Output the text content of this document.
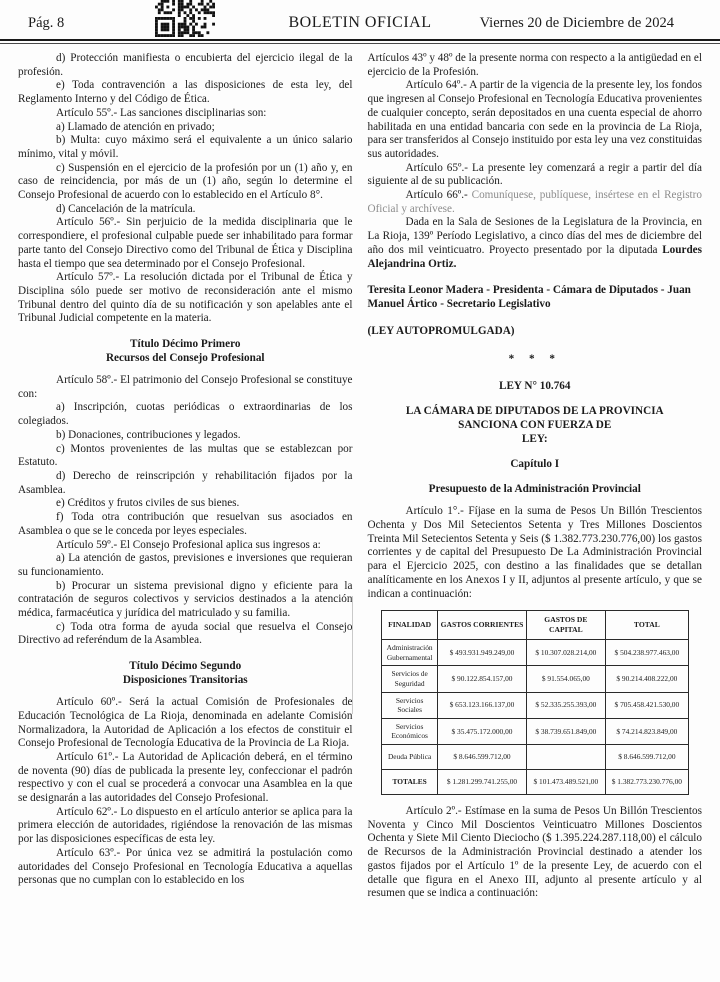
Pág. 8	BOLETIN OFICIAL	Viernes 20 de Diciembre de 2024

d) Protección manifiesta o encubierta del ejercicio ilegal de la profesión.

e) Toda contravención a las disposiciones de esta ley, del Reglamento Interno y del Código de Ética.

Artículo 55º.- Las sanciones disciplinarias son:

a) Llamado de atención en privado;

b) Multa: cuyo máximo será el equivalente a un único salario mínimo, vital y móvil.

c) Suspensión en el ejercicio de la profesión por un (1) año y, en caso de reincidencia, por más de un (1) año, según lo determine el Consejo Profesional de acuerdo con lo establecido en el Artículo 8°.

d) Cancelación de la matrícula.

Artículo 56º.- Sin perjuicio de la medida disciplinaria que le correspondiere, el profesional culpable puede ser inhabilitado para formar parte tanto del Consejo Directivo como del Tribunal de Ética y Disciplina hasta el tiempo que sea determinado por el Consejo Profesional.

Artículo 57º.- La resolución dictada por el Tribunal de Ética y Disciplina sólo puede ser motivo de reconsideración ante el mismo Tribunal dentro del quinto día de su notificación y son apelables ante el Tribunal Judicial competente en la materia.

Título Décimo Primero
Recursos del Consejo Profesional

Artículo 58º.- El patrimonio del Consejo Profesional se constituye con:

a) Inscripción, cuotas periódicas o extraordinarias de los colegiados.

b) Donaciones, contribuciones y legados.

c) Montos provenientes de las multas que se establezcan por Estatuto.

d) Derecho de reinscripción y rehabilitación fijados por la Asamblea.

e) Créditos y frutos civiles de sus bienes.

f) Toda otra contribución que resuelvan sus asociados en Asamblea o que se le conceda por leyes especiales.

Artículo 59º.- El Consejo Profesional aplica sus ingresos a:

a) La atención de gastos, previsiones e inversiones que requieran su funcionamiento.

b) Procurar un sistema previsional digno y eficiente para la contratación de seguros colectivos y servicios destinados a la atención médica, farmacéutica y jurídica del matriculado y su familia.

c) Toda otra forma de ayuda social que resuelva el Consejo Directivo ad referéndum de la Asamblea.

Título Décimo Segundo
Disposiciones Transitorias

Artículo 60º.- Será la actual Comisión de Profesionales de Educación Tecnológica de La Rioja, denominada en adelante Comisión Normalizadora, la Autoridad de Aplicación a los efectos de constituir el Consejo Profesional de Tecnología Educativa de la Provincia de La Rioja.

Artículo 61º.- La Autoridad de Aplicación deberá, en el término de noventa (90) días de publicada la presente ley, confeccionar el padrón respectivo y con el cual se procederá a convocar una Asamblea en la que se designarán a las autoridades del Consejo Profesional.

Artículo 62º.- Lo dispuesto en el artículo anterior se aplica para la primera elección de autoridades, rigiéndose la renovación de las mismas por las disposiciones específicas de esta ley.

Artículo 63º.- Por única vez se admitirá la postulación como autoridades del Consejo Profesional en Tecnología Educativa a aquellas personas que no cumplan con lo establecido en los

Artículos 43º y 48º de la presente norma con respecto a la antigüedad en el ejercicio de la Profesión.

Artículo 64º.- A partir de la vigencia de la presente ley, los fondos que ingresen al Consejo Profesional en Tecnología Educativa provenientes de cualquier concepto, serán depositados en una cuenta especial de ahorro habilitada en una entidad bancaria con sede en la provincia de La Rioja, para ser transferidos al Consejo instituido por esta ley una vez constituidas sus autoridades.

Artículo 65º.- La presente ley comenzará a regir a partir del día siguiente al de su publicación.

Artículo 66º.- Comuníquese, publíquese, insértese en el Registro Oficial y archívese.

Dada en la Sala de Sesiones de la Legislatura de la Provincia, en La Rioja, 139º Período Legislativo, a cinco días del mes de diciembre del año dos mil veinticuatro. Proyecto presentado por la diputada Lourdes Alejandrina Ortiz.

Teresita Leonor Madera - Presidenta - Cámara de Diputados - Juan Manuel Ártico - Secretario Legislativo

(LEY AUTOPROMULGADA)

* * *
LEY N° 10.764
LA CÁMARA DE DIPUTADOS DE LA PROVINCIA
SANCIONA CON FUERZA DE
LEY:
Capítulo I
Presupuesto de la Administración Provincial

Artículo 1°.- Fíjase en la suma de Pesos Un Billón Trescientos Ochenta y Dos Mil Setecientos Setenta y Tres Millones Doscientos Treinta Mil Setecientos Setenta y Seis ($ 1.382.773.230.776,00) los gastos corrientes y de capital del Presupuesto De La Administración Provincial para el Ejercicio 2025, con destino a las finalidades que se detallan analíticamente en los Anexos I y II, adjuntos al presente artículo, y que se indican a continuación:

FINALIDAD	GASTOS CORRIENTES	GASTOS DE CAPITAL	TOTAL
Administración Gubernamental	$ 493.931.949.249,00	$ 10.307.028.214,00	$ 504.238.977.463,00
Servicios de Seguridad	$ 90.122.854.157,00	$ 91.554.065,00	$ 90.214.408.222,00
Servicios Sociales	$ 653.123.166.137,00	$ 52.335.255.393,00	$ 705.458.421.530,00
Servicios Económicos	$ 35.475.172.000,00	$ 38.739.651.849,00	$ 74.214.823.849,00
Deuda Pública	$ 8.646.599.712,00		$ 8.646.599.712,00
TOTALES	$ 1.281.299.741.255,00	$ 101.473.489.521,00	$ 1.382.773.230.776,00

Artículo 2º.- Estímase en la suma de Pesos Un Billón Trescientos Noventa y Cinco Mil Doscientos Veinticuatro Millones Doscientos Ochenta y Siete Mil Ciento Dieciocho ($ 1.395.224.287.118,00) el cálculo de Recursos de la Administración Provincial destinado a atender los gastos fijados por el Artículo 1º de la presente Ley, de acuerdo con el detalle que figura en el Anexo III, adjunto al presente artículo y al resumen que se indica a continuación:
